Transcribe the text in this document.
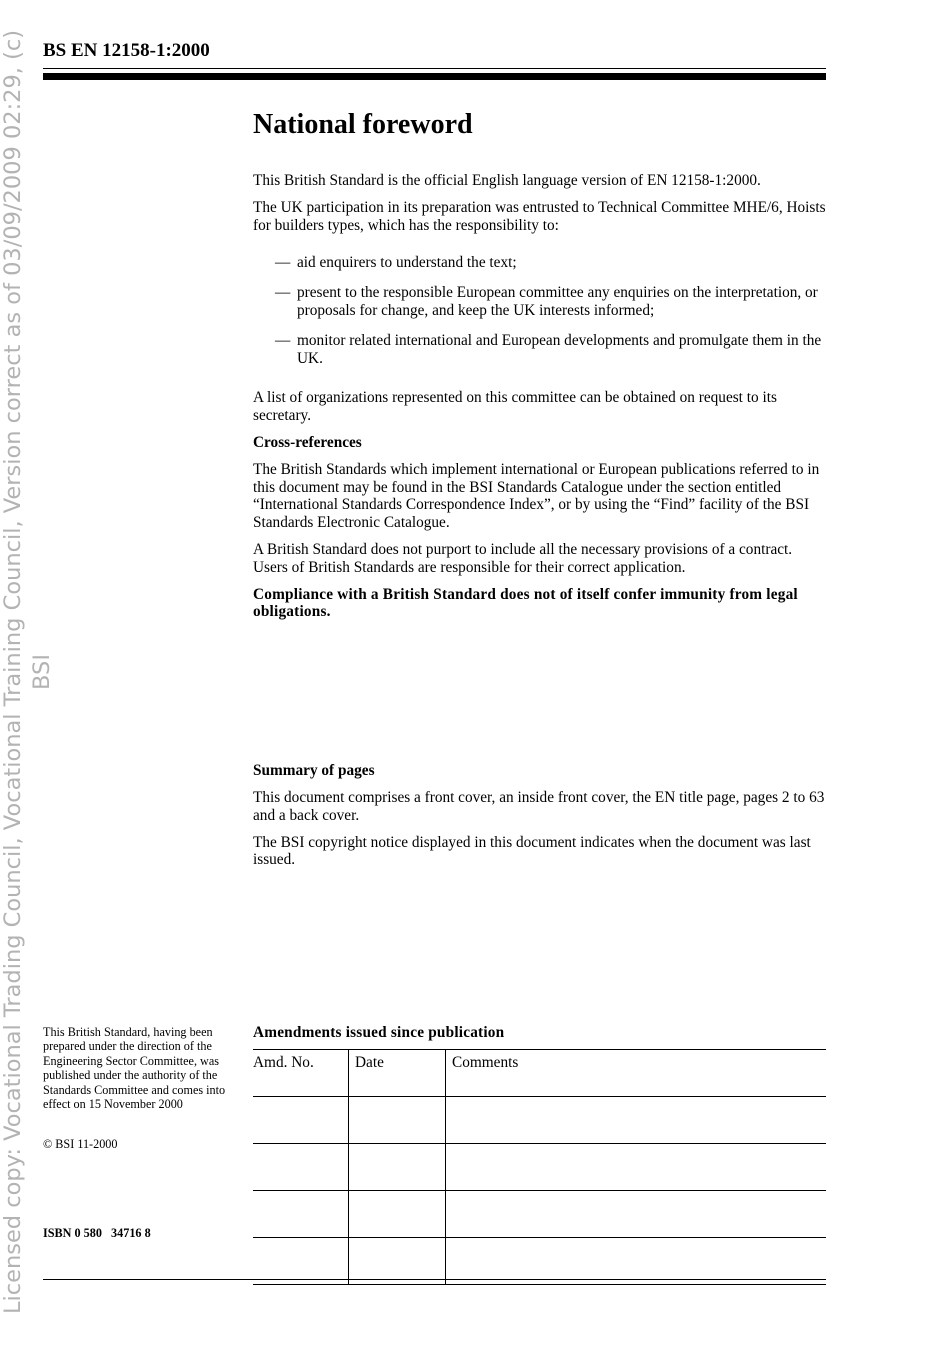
Licensed copy: Vocational Trading Council, Vocational Training Council, Version correct as of 03/09/2009 02:29, (c) BSI
BS EN 12158-1:2000
National foreword

This British Standard is the official English language version of EN 12158-1:2000.

The UK participation in its preparation was entrusted to Technical Committee MHE/6, Hoists for builders types, which has the responsibility to:

— aid enquirers to understand the text;
— present to the responsible European committee any enquiries on the interpretation, or proposals for change, and keep the UK interests informed;
— monitor related international and European developments and promulgate them in the UK.

A list of organizations represented on this committee can be obtained on request to its secretary.

Cross-references

The British Standards which implement international or European publications referred to in this document may be found in the BSI Standards Catalogue under the section entitled “International Standards Correspondence Index”, or by using the “Find” facility of the BSI Standards Electronic Catalogue.

A British Standard does not purport to include all the necessary provisions of a contract. Users of British Standards are responsible for their correct application.

Compliance with a British Standard does not of itself confer immunity from legal obligations.

Summary of pages

This document comprises a front cover, an inside front cover, the EN title page, pages 2 to 63 and a back cover.

The BSI copyright notice displayed in this document indicates when the document was last issued.

This British Standard, having been prepared under the direction of the Engineering Sector Committee, was published under the authority of the Standards Committee and comes into effect on 15 November 2000
© BSI 11-2000
ISBN 0 580   34716 8
Amendments issued since publication
Amd. No.	Date	Comments
